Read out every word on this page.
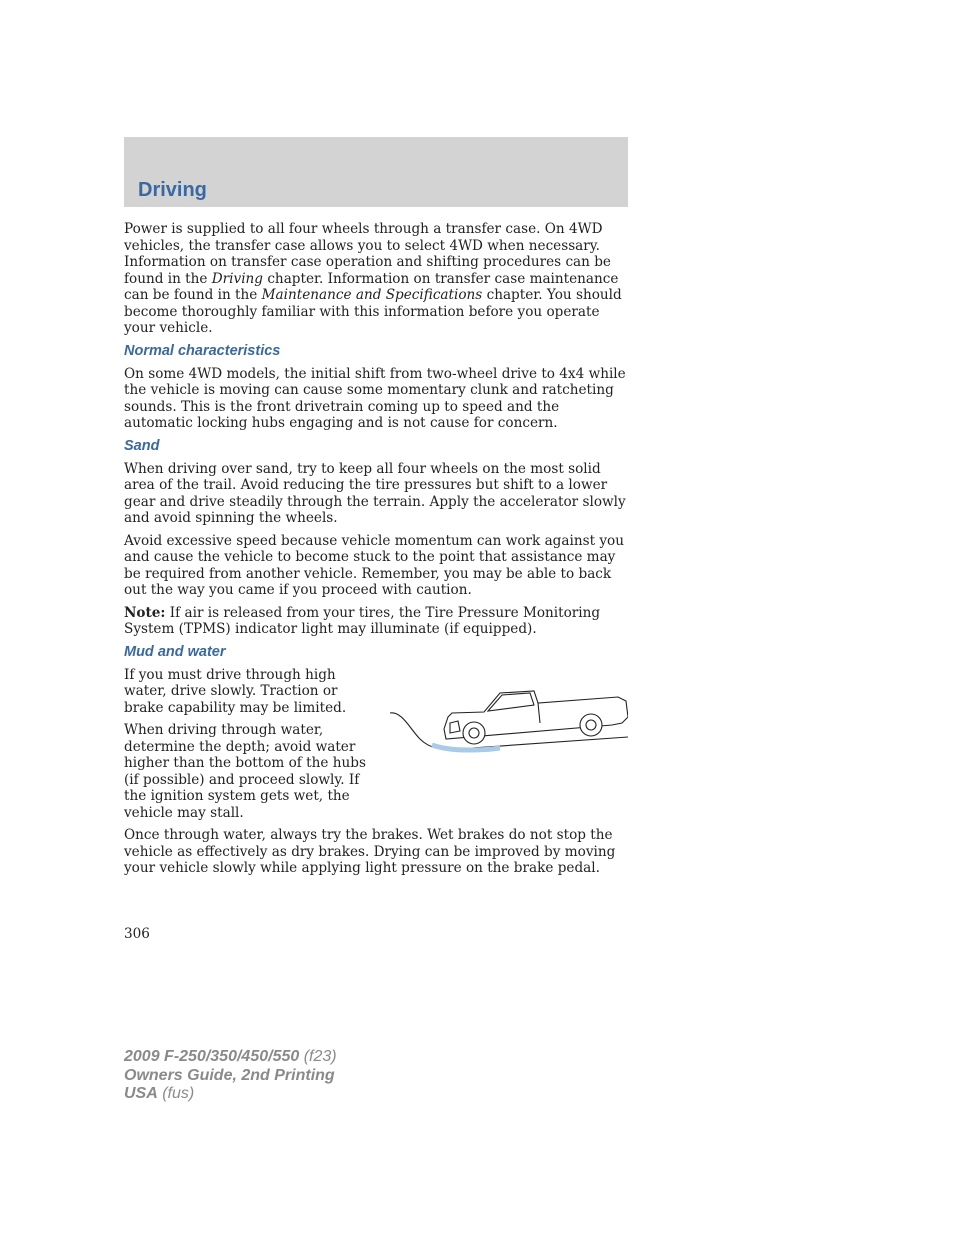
Driving

Power is supplied to all four wheels through a transfer case. On 4WD vehicles, the transfer case allows you to select 4WD when necessary. Information on transfer case operation and shifting procedures can be found in the Driving chapter. Information on transfer case maintenance can be found in the Maintenance and Specifications chapter. You should become thoroughly familiar with this information before you operate your vehicle.

Normal characteristics

On some 4WD models, the initial shift from two-wheel drive to 4x4 while the vehicle is moving can cause some momentary clunk and ratcheting sounds. This is the front drivetrain coming up to speed and the automatic locking hubs engaging and is not cause for concern.

Sand

When driving over sand, try to keep all four wheels on the most solid area of the trail. Avoid reducing the tire pressures but shift to a lower gear and drive steadily through the terrain. Apply the accelerator slowly and avoid spinning the wheels.

Avoid excessive speed because vehicle momentum can work against you and cause the vehicle to become stuck to the point that assistance may be required from another vehicle. Remember, you may be able to back out the way you came if you proceed with caution.

Note: If air is released from your tires, the Tire Pressure Monitoring System (TPMS) indicator light may illuminate (if equipped).

Mud and water

If you must drive through high water, drive slowly. Traction or brake capability may be limited.

When driving through water, determine the depth; avoid water higher than the bottom of the hubs (if possible) and proceed slowly. If the ignition system gets wet, the vehicle may stall.

Once through water, always try the brakes. Wet brakes do not stop the vehicle as effectively as dry brakes. Drying can be improved by moving your vehicle slowly while applying light pressure on the brake pedal.

306
2009 F-250/350/450/550 (f23)
Owners Guide, 2nd Printing
USA (fus)
